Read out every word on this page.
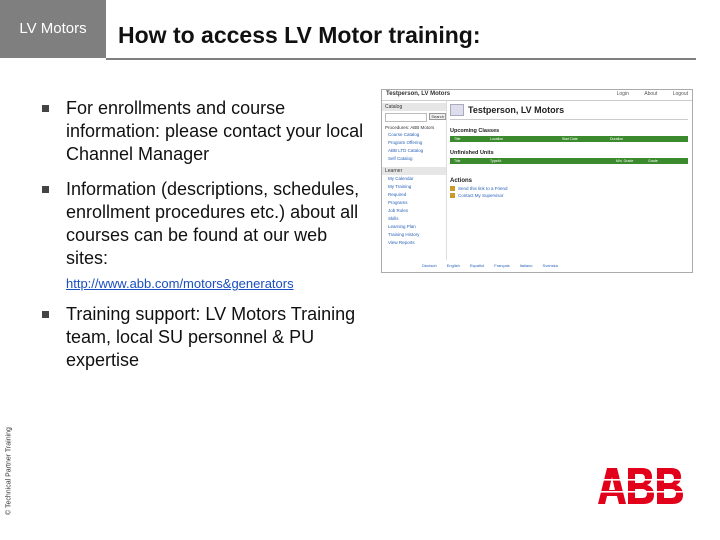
LV Motors How to access LV Motor training:
For enrollments and course information: please contact your local Channel Manager
Information (descriptions, schedules, enrollment procedures etc.) about all courses can be found at our web sites:
http://www.abb.com/motors&generators
Training support: LV Motors Training team, local SU personnel & PU expertise
© Technical Partner Training
Testperson, LV Motors	Login	About	Logout
Catalog
Search
Procedures: ABB Motors
Course Catalog
Program Offering
ABB LTD Catalog
Self Catalog
Learner
My Calendar
My Training
Required
Programs
Job Roles
Skills
Learning Plan
Training History
View Reports
Testperson, LV Motors
Upcoming Classes
Title	Location	Start Date	Duration
Unfinished Units
Title	Type/id	Min. Grade	Grade
Actions
Send this link to a Friend
Contact My Supervisor
Deutsch	English	Español	Français	Italiano	Svenska
